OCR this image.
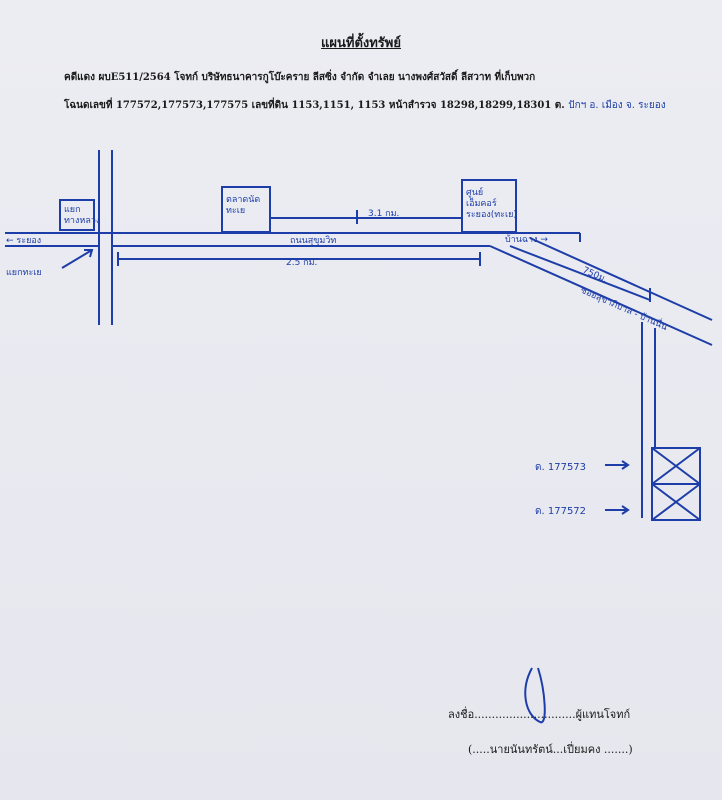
แผนที่ตั้งทรัพย์
คดีแดง ผบE511/2564 โจทก์ บริษัทธนาคารกูโบ๊ะคราย ลีสซิ่ง จำกัด จำเลย นางพงศ์สวัสดิ์ ลีสวาท ที่เก็บพวก
โฉนดเลขที่ 177572,177573,177575 เลขที่ดิน 1153,1151, 1153 หน้าสำรวจ 18298,18299,18301 ต. ปักฯ อ. เมือง จ. ระยอง
แยกทางหลวง
← ระยอง
แยกทะเย
ตลาดนัดทะเย	3.1 กม.
ศูนย์เอ็มคอร์ระยอง(ทะเย)
ถนนสุขุมวิท	บ้านฉาง →
2.5 กม.
750ม.
ซอยสุขาภิบาล - บ้านนื่น
ด. 177573
ด. 177572
ลงชื่อ.............................ผู้แทนโจทก์
(.....นายนันทรัตน์...เปี่ยมคง .......)
